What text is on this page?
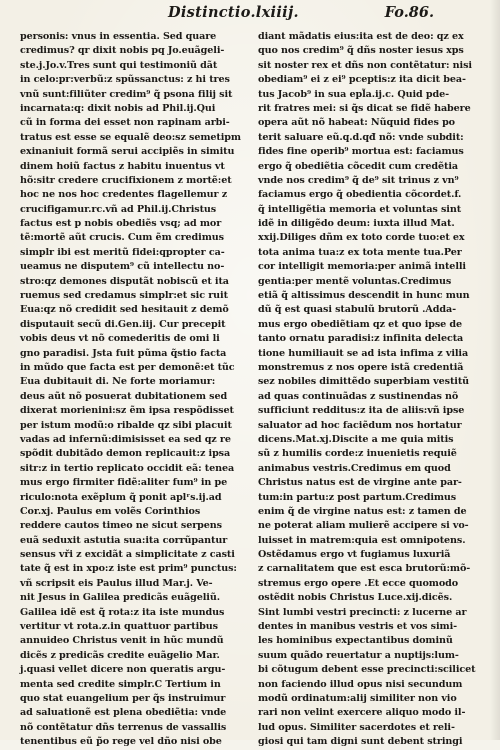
Distinctio.lxiiij.	Fo.86.
personis: vnus in essentia. Sed quare
credimus? qr dixit nobis pq Jo.euãgeli-
ste.j.Jo.v.Tres sunt qui testimoniũ dãt
in celo:pr:verbũ:z spũssanctus: z hi tres
vnũ sunt:filiũter credim⁹ q̃ psona filij sit
incarnata:q: dixit nobis ad Phil.ij.Qui
cũ in forma dei esset non rapinam arbi-
tratus est esse se equalẽ deo:sz semetipm
exinaniuit formã serui accipiẽs in simitu
dinem hoiũ factus z habitu inuentus vt
hõ:sitr credere crucifixionem z mortẽ:et
hoc ne nos hoc credentes flagellemur z
crucifigamur.rc.vñ ad Phil.ij.Christus
factus est p nobis obediẽs vsq; ad mor
tẽ:mortẽ aũt crucis. Cum ẽm credimus
simplr ibi est meritũ fidei:qpropter ca-
ueamus ne disputem⁹ cũ intellectu no-
stro:qz demones disputãt nobiscũ et ita
ruemus sed credamus simplr:et sic ruit
Eua:qz nõ credidit sed hesitauit z demõ
disputauit secũ di.Gen.iij. Cur precepit
vobis deus vt nõ comederitis de omi li
gno paradisi. Jsta fuit pũma q̃stio facta
in mũdo que facta est per demonẽ:et tũc
Eua dubitauit di. Ne forte moriamur:
deus aũt nõ posuerat dubitationem sed
dixerat morienini:sz ẽm ipsa respõdisset
per istum modũ:o ribalde qz sibi placuit
vadas ad infernũ:dimisisset ea sed qz re
spõdit dubitãdo demon replicauit:z ipsa
sitr:z in tertio replicato occidit eã: tenea
mus ergo firmiter fidẽ:aliter fum⁹ in pe
riculo:nota exẽplum q̃ ponit aplʳs.ij.ad
Cor.xj. Paulus em volẽs Corinthios
reddere cautos timeo ne sicut serpens
euã seduxit astutia sua:ita corrũpantur
sensus vři z excidãt a simplicitate z casti
tate q̃ est in xpo:z iste est prim⁹ punctus:
vñ scripsit eis Paulus illud Mar.j. Ve-
nit Jesus in Galilea predicãs euãgeliũ.
Galilea idẽ est q̃ rota:z ita iste mundus
vertitur vt rota.z.in quattuor partibus
annuideo Christus venit in hũc mundũ
dicẽs z predicãs credite euãgelio Mar.
j.quasi vellet dicere non queratis argu-
menta sed credite simplr.C Tertium in
quo stat euangelium per q̃s instruimur
ad saluationẽ est plena obediẽtia: vnde
nõ contẽtatur dñs terrenus de vassallis
tenentibus eũ p̃o rege vel dño nisi obe
diant mãdatis eius:ita est de deo: qz ex
quo nos credim⁹ q̃ dñs noster iesus xps
sit noster rex et dñs non contẽtatur: nisi
obediam⁹ ei z ei⁹ pceptis:z ita dicit bea-
tus Jacob⁹ in sua epl̃a.ij.c. Quid pde-
rit fratres mei: si q̃s dicat se fidẽ habere
opera aũt nõ habeat: Nũquid fides po
terit saluare eũ.q.d.qđ nõ: vnde subdit:
fides fine operib⁹ mortua est: faciamus
ergo q̃ obediẽtia cõcedit cum credẽtia
vnde nos credim⁹ q̃ de⁹ sit trinus z vn⁹
faciamus ergo q̃ obedientia cõcordet.f.
q̃ intelligẽtia memoria et voluntas sint
idẽ in diligẽdo deum: iuxta illud Mat.
xxij.Diliges dñm ex toto corde tuo:et ex
tota anima tua:z ex tota mente tua.Per
cor intelligit memoria:per animã intelli
gentia:per mentẽ voluntas.Credimus
etiã q̃ altissimus descendit in hunc mun
dũ q̃ est quasi stabulũ brutorũ .Adda-
mus ergo obediẽtiam qz et quo ipse de
tanto ornatu paradisi:z infinita delecta
tione humiliauit se ad ista infima z vilia
monstremus z nos opere istã credentiã
sez nobiles dimittẽdo superbiam vestitũ
ad quas continuãdas z sustinendas nõ
sufficiunt redditus:z ita de aliis:vñ ipse
saluator ad hoc faciẽdum nos hortatur
dicens.Mat.xj.Discite a me quia mitis
sũ z humilis corde:z inuenietis requiẽ
animabus vestris.Credimus em quod
Christus natus est de virgine ante par-
tum:in partu:z post partum.Credimus
enim q̃ de virgine natus est: z tamen de
ne poterat aliam mulierẽ accipere si vo-
luisset in matrem:quia est omnipotens.
Ostẽdamus ergo vt fugiamus luxuriã
z carnalitatem que est esca brutorũ:mõ-
stremus ergo opere .Et ecce quomodo
ostẽdit nobis Christus Luce.xij.dicẽs.
Sint lumbi vestri precincti: z lucerne ar
dentes in manibus vestris et vos simi-
les hominibus expectantibus dominũ
suum quãdo reuertatur a nuptijs:lum-
bi cõtugum debent esse precincti:scilicet
non faciendo illud opus nisi secundum
modũ ordinatum:alij similiter non vio
rari non velint exercere aliquo modo il-
lud opus. Similiter sacerdotes et reli-
giosi qui tam digni sunt debent stringi
